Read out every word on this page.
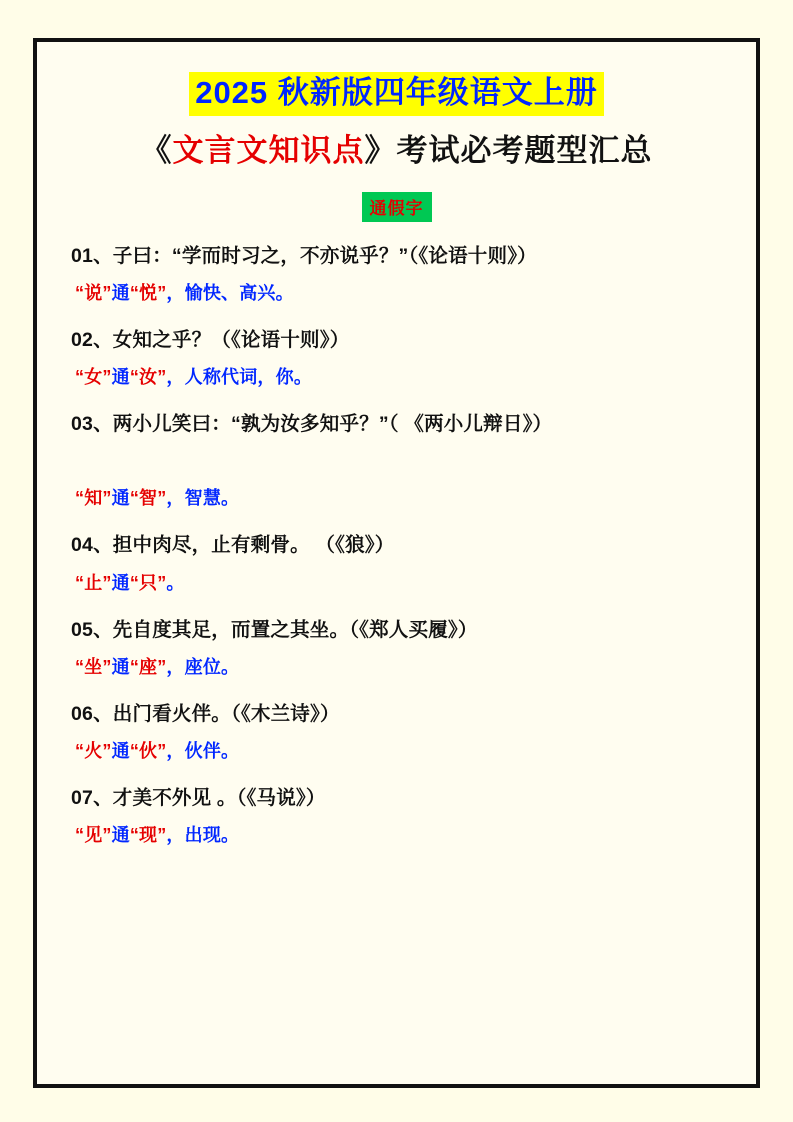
2025 秋新版四年级语文上册
《文言文知识点》考试必考题型汇总
通假字
01、子曰：“学而时习之，不亦说乎？”（《论语十则》）
“说”通“悦”，愉快、高兴。
02、女知之乎？（《论语十则》）
“女”通“汝”，人称代词，你。
03、两小儿笑曰：“孰为汝多知乎？”（ 《两小儿辩日》）
“知”通“智”，智慧。
04、担中肉尽，止有剩骨。 （《狼》）
“止”通“只”。
05、先自度其足，而置之其坐。（《郑人买履》）
“坐”通“座”，座位。
06、出门看火伴。（《木兰诗》）
“火”通“伙”，伙伴。
07、才美不外见 。（《马说》）
“见”通“现”，出现。
